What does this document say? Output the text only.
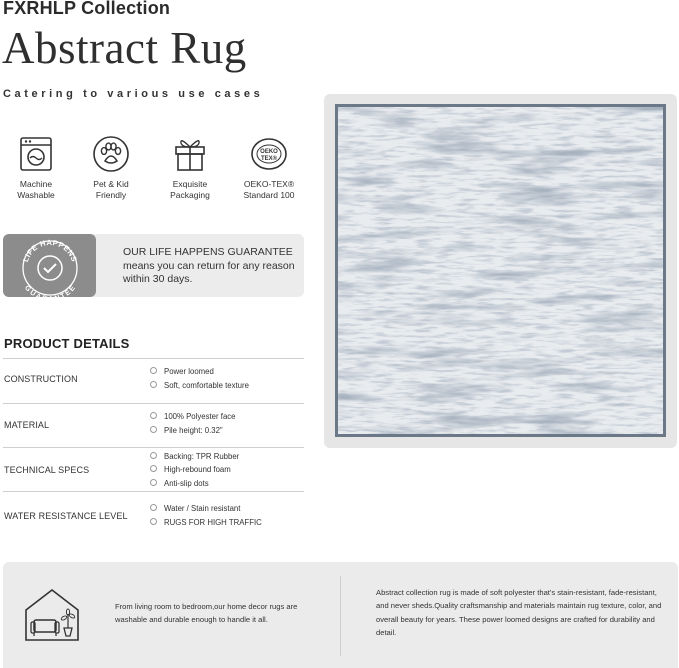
FXRHLP Collection
Abstract Rug
Catering to various use cases
Machine
Washable
Pet & Kid
Friendly
Exquisite
Packaging
OEKO
TEX®
OEKO-TEX®
Standard 100
LIFE HAPPENS
GU TEE
OUR LIFE HAPPENS GUARANTEE
means you can return for any reason within 30 days.
PRODUCT DETAILS
CONSTRUCTION
Power loomed
Soft, comfortable texture
MATERIAL
100% Polyester face
Pile height: 0.32"
TECHNICAL SPECS
Backing: TPR Rubber
High-rebound foam
Anti-slip dots
WATER RESISTANCE LEVEL
Water / Stain resistant
RUGS FOR HIGH TRAFFIC
From living room to bedroom,our home decor rugs are washable and durable enough to handle it all.
Abstract collection rug is made of soft polyester that's stain-resistant, fade-resistant, and never sheds.Quality craftsmanship and materials maintain rug texture, color, and overall beauty for years. These power loomed designs are crafted for durability and detail.
